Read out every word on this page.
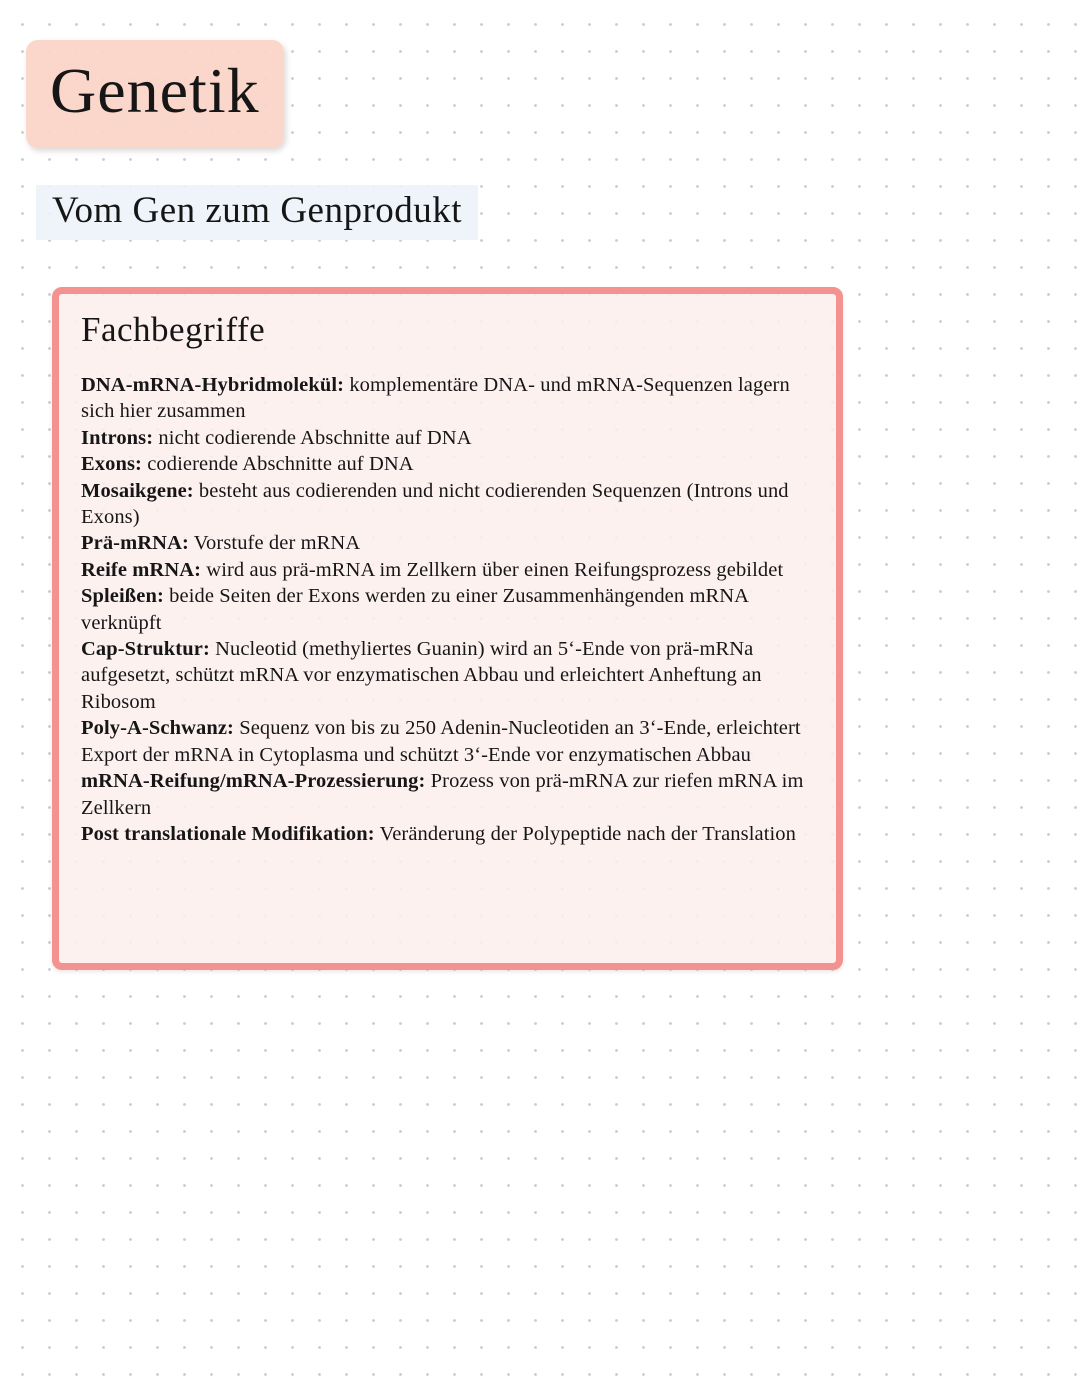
Genetik
Vom Gen zum Genprodukt
Fachbegriffe

DNA-mRNA-Hybridmolekül: komplementäre DNA- und mRNA-Sequenzen lagern sich hier zusammen

Introns: nicht codierende Abschnitte auf DNA

Exons: codierende Abschnitte auf DNA

Mosaikgene: besteht aus codierenden und nicht codierenden Sequenzen (Introns und Exons)

Prä-mRNA: Vorstufe der mRNA

Reife mRNA: wird aus prä-mRNA im Zellkern über einen Reifungsprozess gebildet

Spleißen: beide Seiten der Exons werden zu einer Zusammenhängenden mRNA verknüpft

Cap-Struktur: Nucleotid (methyliertes Guanin) wird an 5‘-Ende von prä-mRNa aufgesetzt, schützt mRNA vor enzymatischen Abbau und erleichtert Anheftung an Ribosom

Poly-A-Schwanz: Sequenz von bis zu 250 Adenin-Nucleotiden an 3‘-Ende, erleichtert Export der mRNA in Cytoplasma und schützt 3‘-Ende vor enzymatischen Abbau

mRNA-Reifung/mRNA-Prozessierung: Prozess von prä-mRNA zur riefen mRNA im Zellkern

Post translationale Modifikation: Veränderung der Polypeptide nach der Translation
